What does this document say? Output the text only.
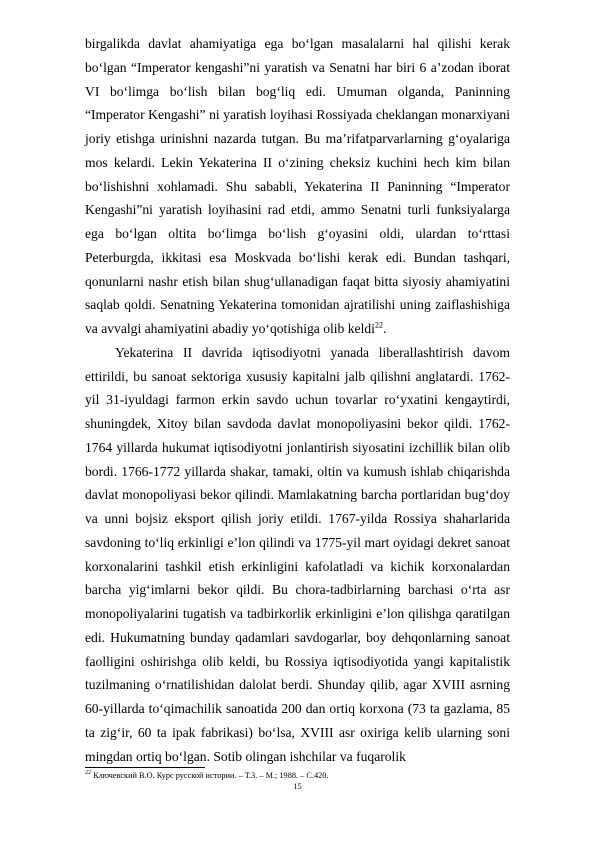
birgalikda davlat ahamiyatiga ega boʻlgan masalalarni hal qilishi kerak boʻlgan “Imperator kengashi”ni yaratish va Senatni har biri 6 a’zodan iborat VI boʻlimga boʻlish bilan bogʻliq edi. Umuman olganda, Paninning “Imperator Kengashi” ni yaratish loyihasi Rossiyada cheklangan monarxiyani joriy etishga urinishni nazarda tutgan. Bu ma’rifatparvarlarning gʻoyalariga mos kelardi. Lekin Yekaterina II oʻzining cheksiz kuchini hech kim bilan boʻlishishni xohlamadi. Shu sababli, Yekaterina II Paninning “Imperator Kengashi”ni yaratish loyihasini rad etdi, ammo Senatni turli funksiyalarga ega boʻlgan oltita boʻlimga boʻlish gʻoyasini oldi, ulardan toʻrttasi Peterburgda, ikkitasi esa Moskvada boʻlishi kerak edi. Bundan tashqari, qonunlarni nashr etish bilan shugʻullanadigan faqat bitta siyosiy ahamiyatini saqlab qoldi. Senatning Yekaterina tomonidan ajratilishi uning zaiflashishiga va avvalgi ahamiyatini abadiy yoʻqotishiga olib keldi$^{22}$.

Yekaterina II davrida iqtisodiyotni yanada liberallashtirish davom ettirildi, bu sanoat sektoriga xususiy kapitalni jalb qilishni anglatardi. 1762-yil 31-iyuldagi farmon erkin savdo uchun tovarlar roʻyxatini kengaytirdi, shuningdek, Xitoy bilan savdoda davlat monopoliyasini bekor qildi. 1762-1764 yillarda hukumat iqtisodiyotni jonlantirish siyosatini izchillik bilan olib bordi. 1766-1772 yillarda shakar, tamaki, oltin va kumush ishlab chiqarishda davlat monopoliyasi bekor qilindi. Mamlakatning barcha portlaridan bugʻdoy va unni bojsiz eksport qilish joriy etildi. 1767-yilda Rossiya shaharlarida savdoning toʻliq erkinligi e’lon qilindi va 1775-yil mart oyidagi dekret sanoat korxonalarini tashkil etish erkinligini kafolatladi va kichik korxonalardan barcha yigʻimlarni bekor qildi. Bu chora-tadbirlarning barchasi oʻrta asr monopoliyalarini tugatish va tadbirkorlik erkinligini e’lon qilishga qaratilgan edi. Hukumatning bunday qadamlari savdogarlar, boy dehqonlarning sanoat faolligini oshirishga olib keldi, bu Rossiya iqtisodiyotida yangi kapitalistik tuzilmaning oʻrnatilishidan dalolat berdi. Shunday qilib, agar XVIII asrning 60-yillarda toʻqimachilik sanoatida 200 dan ortiq korxona (73 ta gazlama, 85 ta zigʻir, 60 ta ipak fabrikasi) boʻlsa, XVIII asr oxiriga kelib ularning soni mingdan ortiq boʻlgan. Sotib olingan ishchilar va fuqarolik

$^{22}$ Ключевский В.О. Курс русской истории. – Т.3. – М.; 1988. – С.420.
15
